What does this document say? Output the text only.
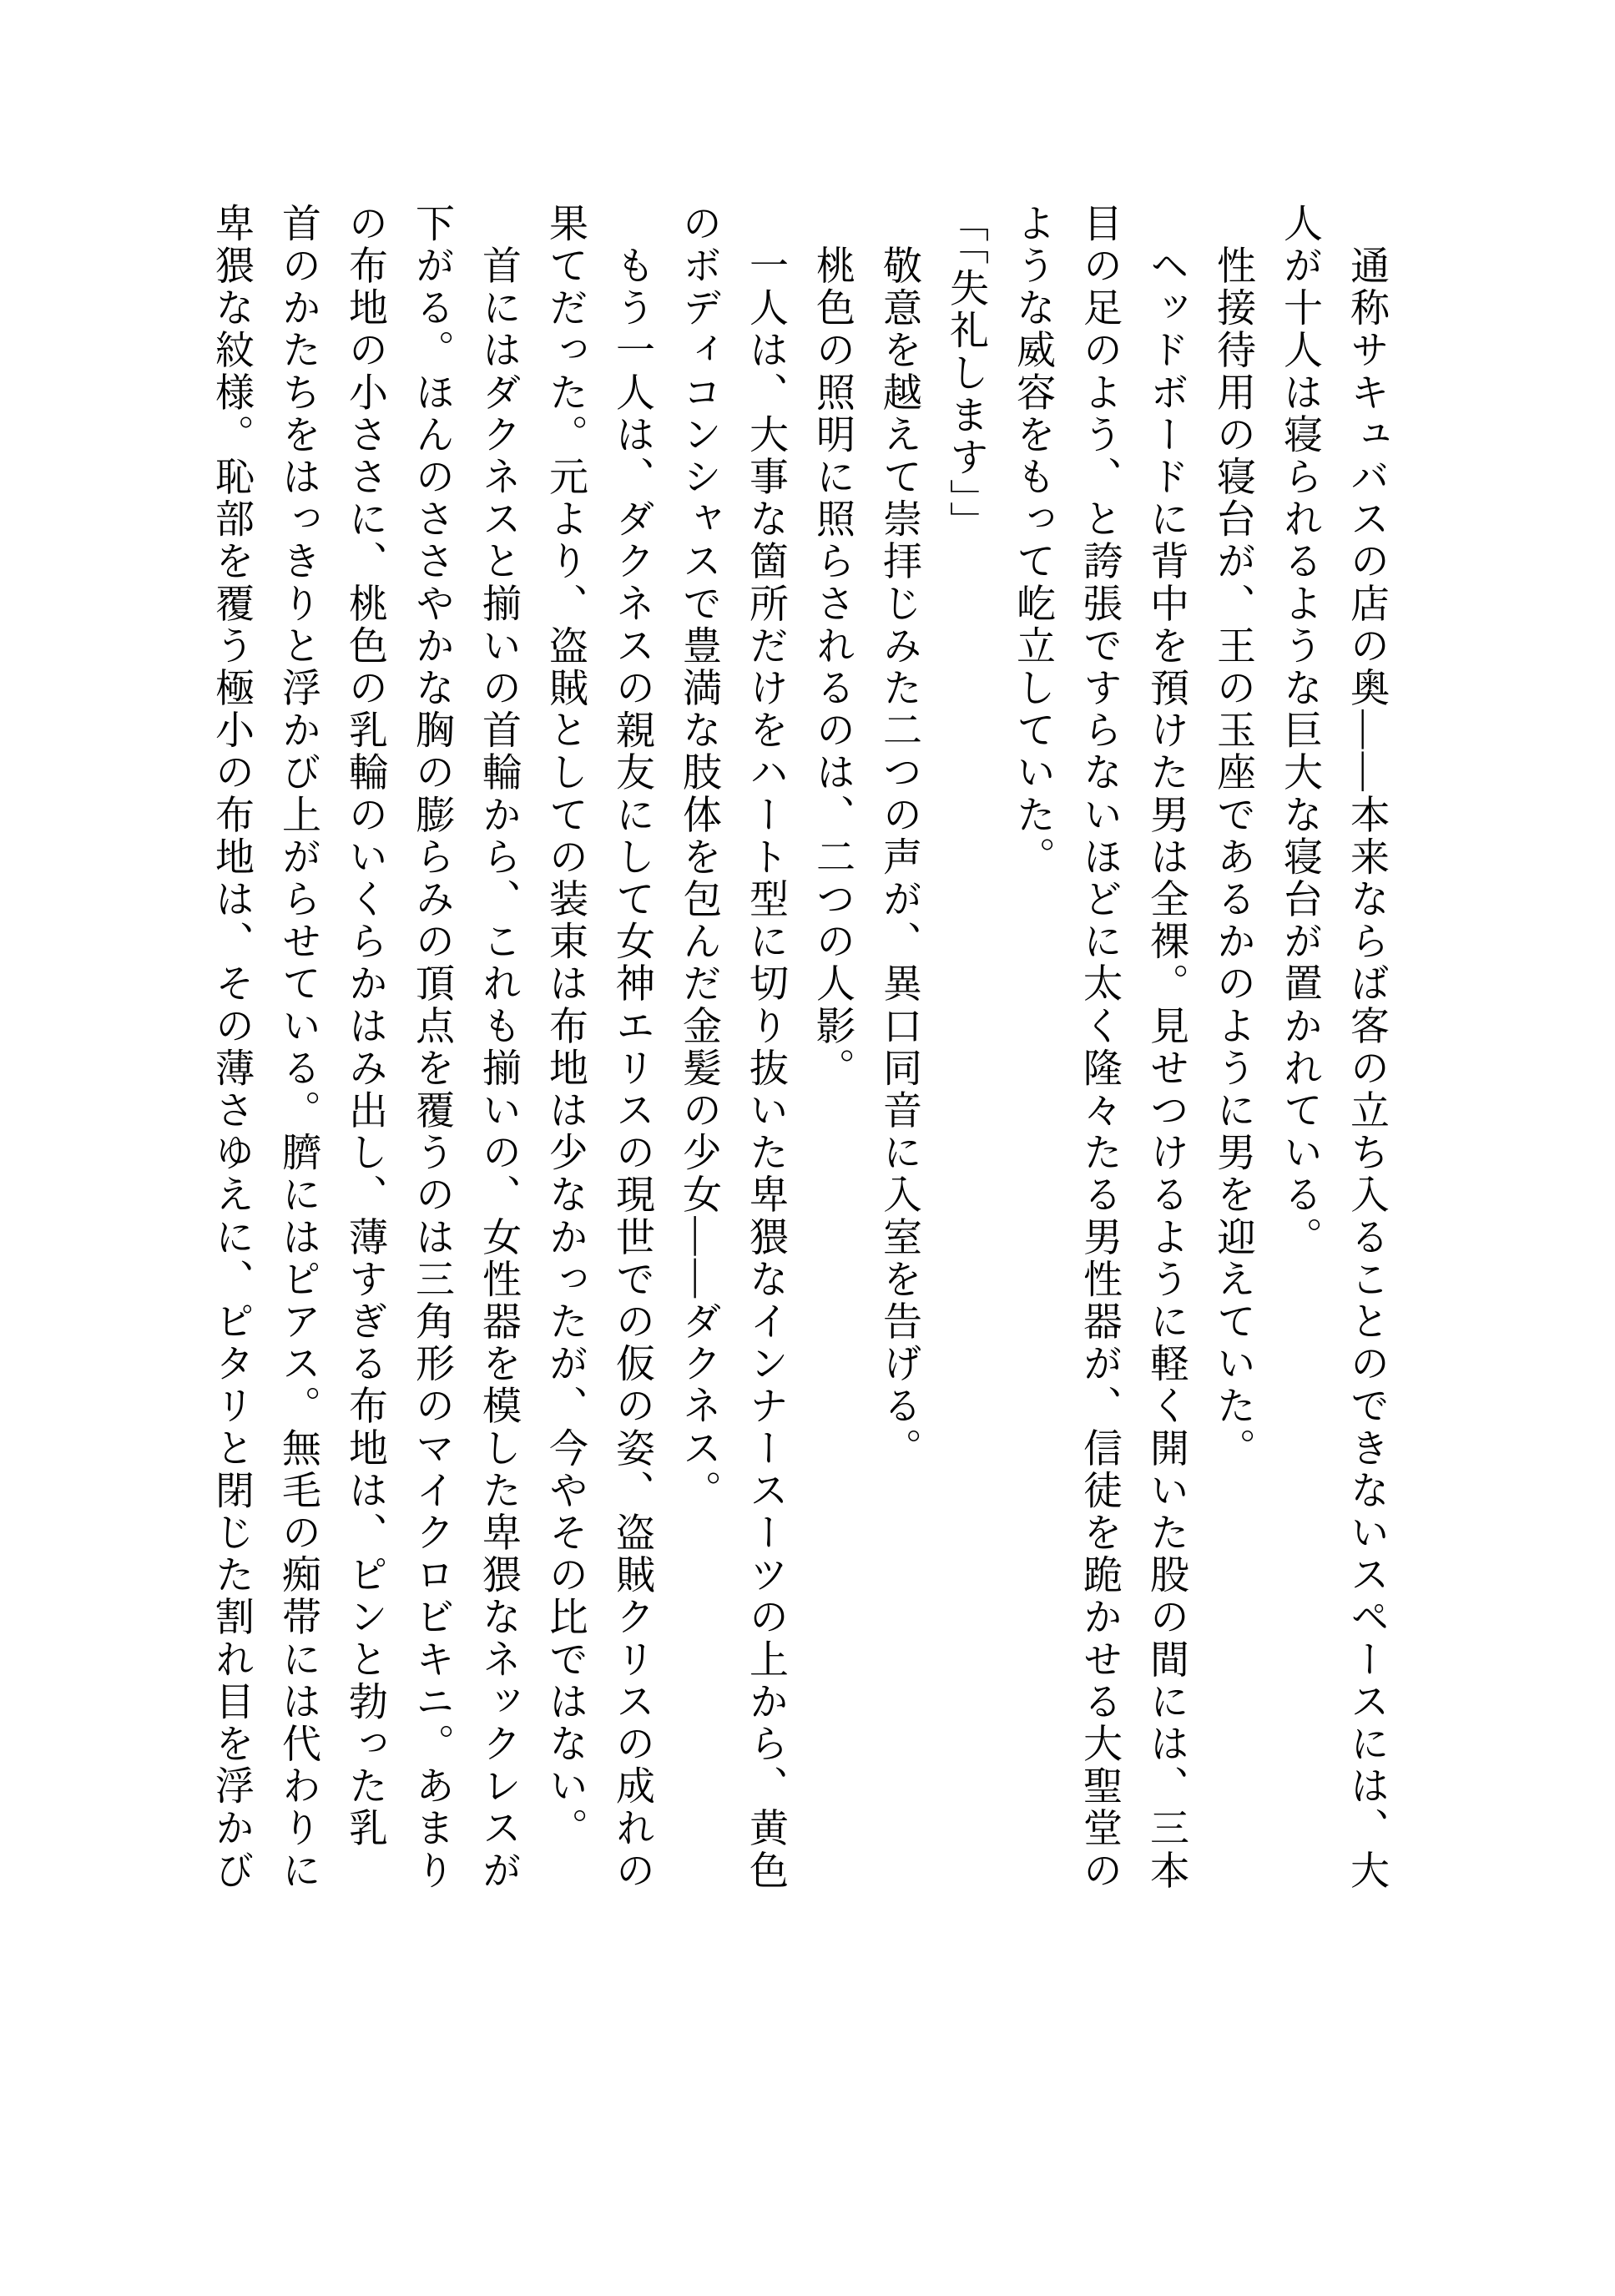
　通称サキュバスの店の奥――本来ならば客の立ち入ることのできないスペースには、大

人が十人は寝られるような巨大な寝台が置かれている。

　性接待用の寝台が、王の玉座であるかのように男を迎えていた。

　ヘッドボードに背中を預けた男は全裸。見せつけるように軽く開いた股の間には、三本

目の足のよう、と誇張ですらないほどに太く隆々たる男性器が、信徒を跪かせる大聖堂の

ような威容をもって屹立していた。

「「失礼します」」

　敬意を越えて崇拝じみた二つの声が、異口同音に入室を告げる。

　桃色の照明に照らされるのは、二つの人影。

　一人は、大事な箇所だけをハート型に切り抜いた卑猥なインナースーツの上から、黄色

のボディコンシャスで豊満な肢体を包んだ金髪の少女――ダクネス。

　もう一人は、ダクネスの親友にして女神エリスの現世での仮の姿、盗賊クリスの成れの

果てだった。元より、盗賊としての装束は布地は少なかったが、今やその比ではない。

　首にはダクネスと揃いの首輪から、これも揃いの、女性器を模した卑猥なネックレスが

下がる。ほんのささやかな胸の膨らみの頂点を覆うのは三角形のマイクロビキニ。あまり

の布地の小ささに、桃色の乳輪のいくらかはみ出し、薄すぎる布地は、ピンと勃った乳

首のかたちをはっきりと浮かび上がらせている。臍にはピアス。無毛の痴帯には代わりに

卑猥な紋様。恥部を覆う極小の布地は、その薄さゆえに、ピタリと閉じた割れ目を浮かび
